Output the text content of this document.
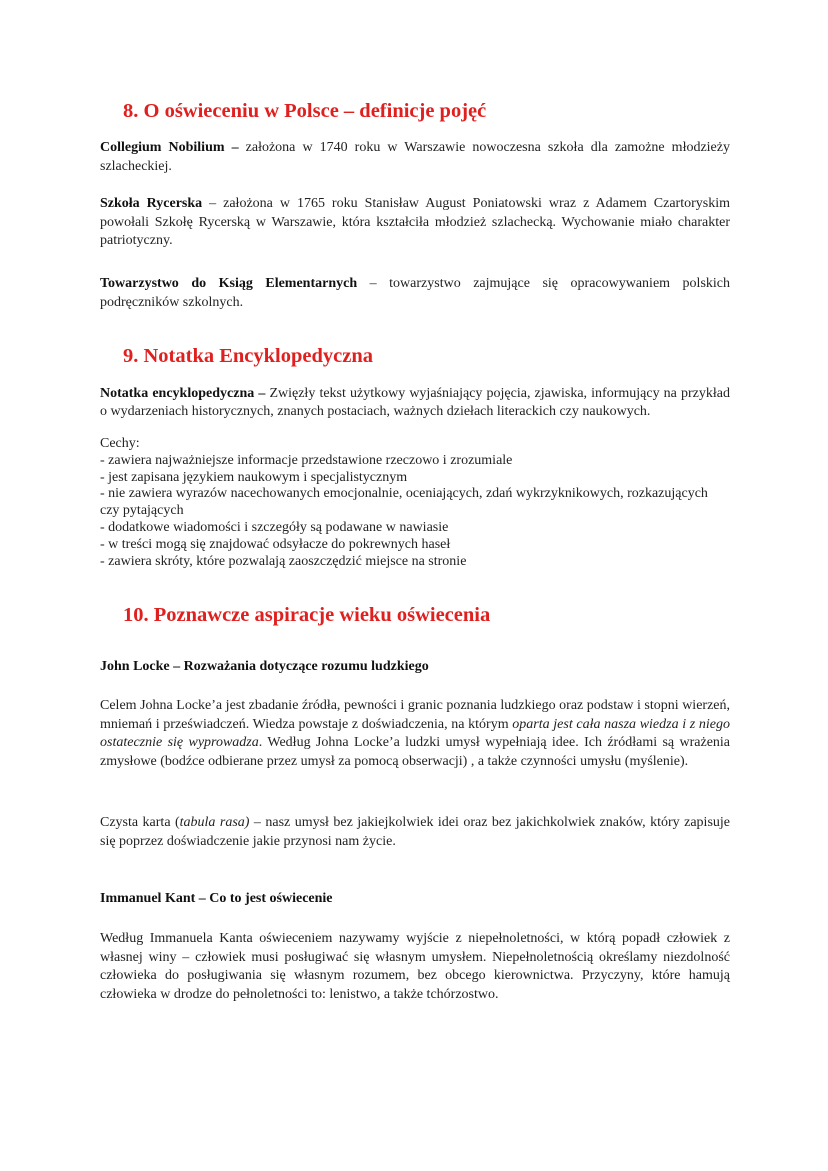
8. O oświeceniu w Polsce – definicje pojęć

Collegium Nobilium – założona w 1740 roku w Warszawie nowoczesna szkoła dla zamożne młodzieży szlacheckiej.

Szkoła Rycerska – założona w 1765 roku Stanisław August Poniatowski wraz z Adamem Czartoryskim powołali Szkołę Rycerską w Warszawie, która kształciła młodzież szlachecką. Wychowanie miało charakter patriotyczny.

Towarzystwo do Ksiąg Elementarnych – towarzystwo zajmujące się opracowywaniem polskich podręczników szkolnych.

9. Notatka Encyklopedyczna

Notatka encyklopedyczna – Zwięzły tekst użytkowy wyjaśniający pojęcia, zjawiska, informujący na przykład o wydarzeniach historycznych, znanych postaciach, ważnych dziełach literackich czy naukowych.

Cechy:
- zawiera najważniejsze informacje przedstawione rzeczowo i zrozumiale
- jest zapisana językiem naukowym i specjalistycznym
- nie zawiera wyrazów nacechowanych emocjonalnie, oceniających, zdań wykrzyknikowych, rozkazujących
czy pytających
- dodatkowe wiadomości i szczegóły są podawane w nawiasie
- w treści mogą się znajdować odsyłacze do pokrewnych haseł
- zawiera skróty, które pozwalają zaoszczędzić miejsce na stronie
10. Poznawcze aspiracje wieku oświecenia

John Locke – Rozważania dotyczące rozumu ludzkiego

Celem Johna Locke’a jest zbadanie źródła, pewności i granic poznania ludzkiego oraz podstaw i stopni wierzeń, mniemań i przeświadczeń. Wiedza powstaje z doświadczenia, na którym oparta jest cała nasza wiedza i z niego ostatecznie się wyprowadza. Według Johna Locke’a ludzki umysł wypełniają idee. Ich źródłami są wrażenia zmysłowe (bodźce odbierane przez umysł za pomocą obserwacji) , a także czynności umysłu (myślenie).

Czysta karta (tabula rasa) – nasz umysł bez jakiejkolwiek idei oraz bez jakichkolwiek znaków, który zapisuje się poprzez doświadczenie jakie przynosi nam życie.

Immanuel Kant – Co to jest oświecenie

Według Immanuela Kanta oświeceniem nazywamy wyjście z niepełnoletności, w którą popadł człowiek z własnej winy – człowiek musi posługiwać się własnym umysłem. Niepełnoletnością określamy niezdolność człowieka do posługiwania się własnym rozumem, bez obcego kierownictwa. Przyczyny, które hamują człowieka w drodze do pełnoletności to: lenistwo, a także tchórzostwo.
